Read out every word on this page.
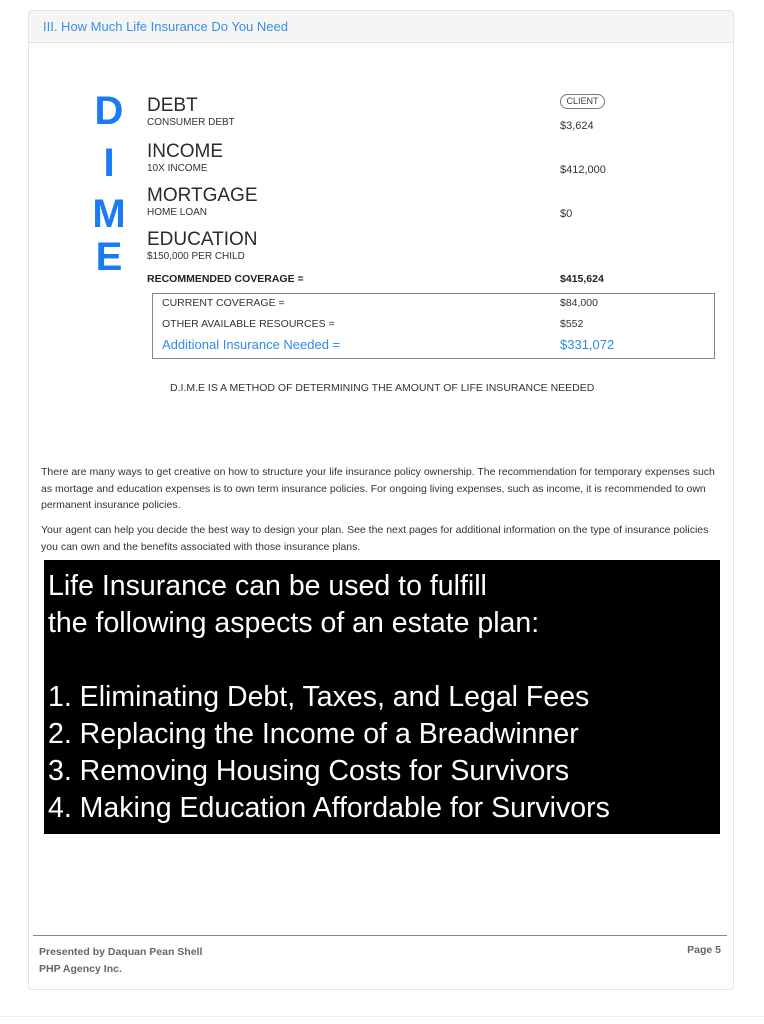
III. How Much Life Insurance Do You Need
D
I
M
E
CLIENT
DEBT
CONSUMER DEBT	$3,624
INCOME
10X INCOME	$412,000
MORTGAGE
HOME LOAN	$0
EDUCATION
$150,000 PER CHILD
RECOMMENDED COVERAGE =	$415,624
CURRENT COVERAGE =	$84,000
OTHER AVAILABLE RESOURCES =	$552
Additional Insurance Needed =	$331,072
D.I.M.E IS A METHOD OF DETERMINING THE AMOUNT OF LIFE INSURANCE NEEDED
There are many ways to get creative on how to structure your life insurance policy ownership. The recommendation for temporary expenses such as mortage and education expenses is to own term insurance policies. For ongoing living expenses, such as income, it is recommended to own permanent insurance policies.
Your agent can help you decide the best way to design your plan. See the next pages for additional information on the type of insurance policies you can own and the benefits associated with those insurance plans.
Life Insurance can be used to fulfill
the following aspects of an estate plan:
1. Eliminating Debt, Taxes, and Legal Fees
2. Replacing the Income of a Breadwinner
3. Removing Housing Costs for Survivors
4. Making Education Affordable for Survivors
Presented by Daquan Pean Shell
PHP Agency Inc.
Page 5
